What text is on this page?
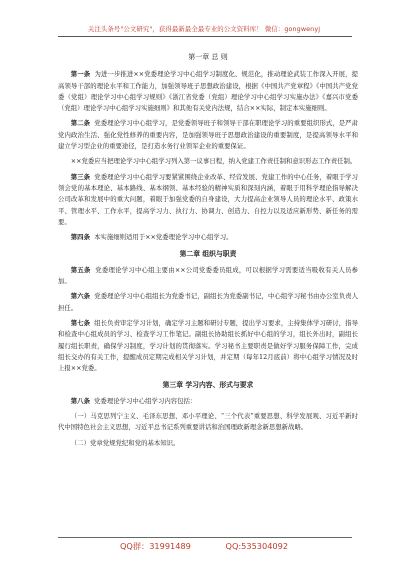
关注头条号"公文研究"，获得最新最全最专业的公文资料库！ 微信：gongwenyj

第一章 总 则

第一条 为进一步推进××党委理论学习中心组学习制度化、规范化，推动理论武装工作深入开展，提高领导干部的理论水平和工作能力，加强领导班子思想政治建设，根据《中国共产党章程》《中国共产党党委（党组）理论学习中心组学习规则》《浙江省党委（党组）理论学习中心组学习实施办法》《嘉兴市党委（党组）理论学习中心组学习实施细则》和其他有关党内法规，结合××实际，制定本实施细则。

第二条 党委理论学习中心组学习，是党委领导班子和领导干部在职理论学习的重要组织形式，是严肃党内政治生活、强化党性修养的重要内容，是加强领导班子思想政治建设的重要制度，是提高领导水平和建立学习型企业的重要途径，是打造水务行业领军企业的重要保证。

××党委应当把理论学习中心组学习列入第一议事日程，纳入党建工作责任制和意识形态工作责任制。

第三条 党委理论学习中心组学习要紧紧围绕企业改革、经营发展、党建工作的中心任务，着眼于学习领会党的基本理论、基本路线、基本纲领、基本经验的精神实质和深刻内涵，着眼于用科学理论指导解决公司改革和发展中的重大问题，着眼于加强党委的自身建设，大力提高企业领导人员的理论水平、政策水平、管理水平、工作水平，提高学习力、执行力、协调力、创造力、自控力以及适应新形势、新任务的需要。

第四条 本实施细则适用于××党委理论学习中心组学习。

第二章 组织与职责

第五条 党委理论学习中心组主要由××公司党委委员组成，可以根据学习需要适当吸收有关人员参加。

第六条 党委理论学习中心组组长为党委书记，副组长为党委副书记，中心组学习秘书由办公室负责人担任。

第七条 组长负责审定学习计划，确定学习主题和研讨专题，提出学习要求，主持集体学习研讨，指导和检查中心组成员的学习、检查学习工作笔记。副组长协助组长抓好中心组的学习，组长外出时，副组长履行组长职责，确保学习制度，学习计划的贯彻落实。学习秘书主要职责是做好学习服务保障工作，完成组长交办的有关工作，提醒成员定期完成相关学习计划，并定期（每年12月底前）将中心组学习情况及时上报××党委。

第三章 学习内容、形式与要求

第八条 党委理论学习中心组学习内容包括：

（一）马克思列宁主义、毛泽东思想、邓小平理论、“三个代表”重要思想、科学发展观、习近平新时代中国特色社会主义思想，习近平总书记系列重要讲话和治国理政新理念新思想新战略。

（二）党章党规党纪和党的基本知识。

QQ群：31991489	QQ:535304092
